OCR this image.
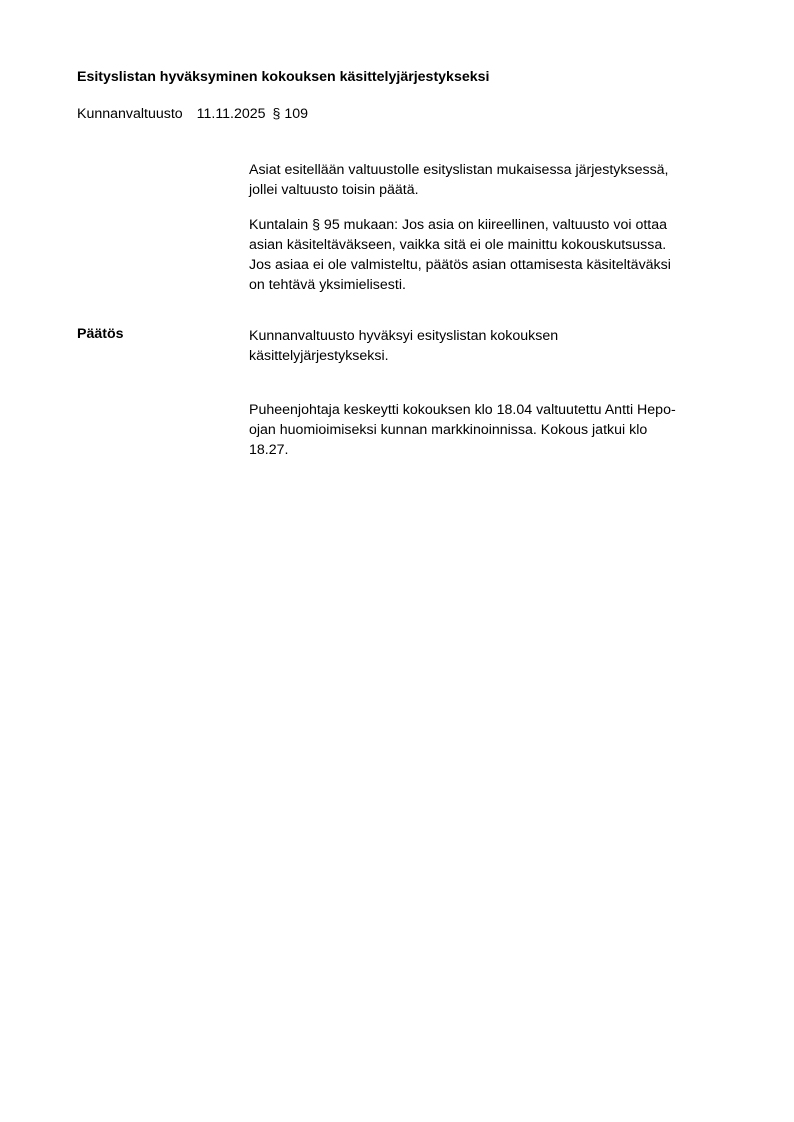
Esityslistan hyväksyminen kokouksen käsittelyjärjestykseksi
Kunnanvaltuusto 11.11.2025 § 109

Asiat esitellään valtuustolle esityslistan mukaisessa järjestyksessä,

jollei valtuusto toisin päätä.

Kuntalain § 95 mukaan: Jos asia on kiireellinen, valtuusto voi ottaa

asian käsiteltäväkseen, vaikka sitä ei ole mainittu kokouskutsussa.

Jos asiaa ei ole valmisteltu, päätös asian ottamisesta käsiteltäväksi

on tehtävä yksimielisesti.

Päätös	Kunnanvaltuusto hyväksyi esityslistan kokouksen

käsittelyjärjestykseksi.

Puheenjohtaja keskeytti kokouksen klo 18.04 valtuutettu Antti Hepo-

ojan huomioimiseksi kunnan markkinoinnissa. Kokous jatkui klo

18.27.
